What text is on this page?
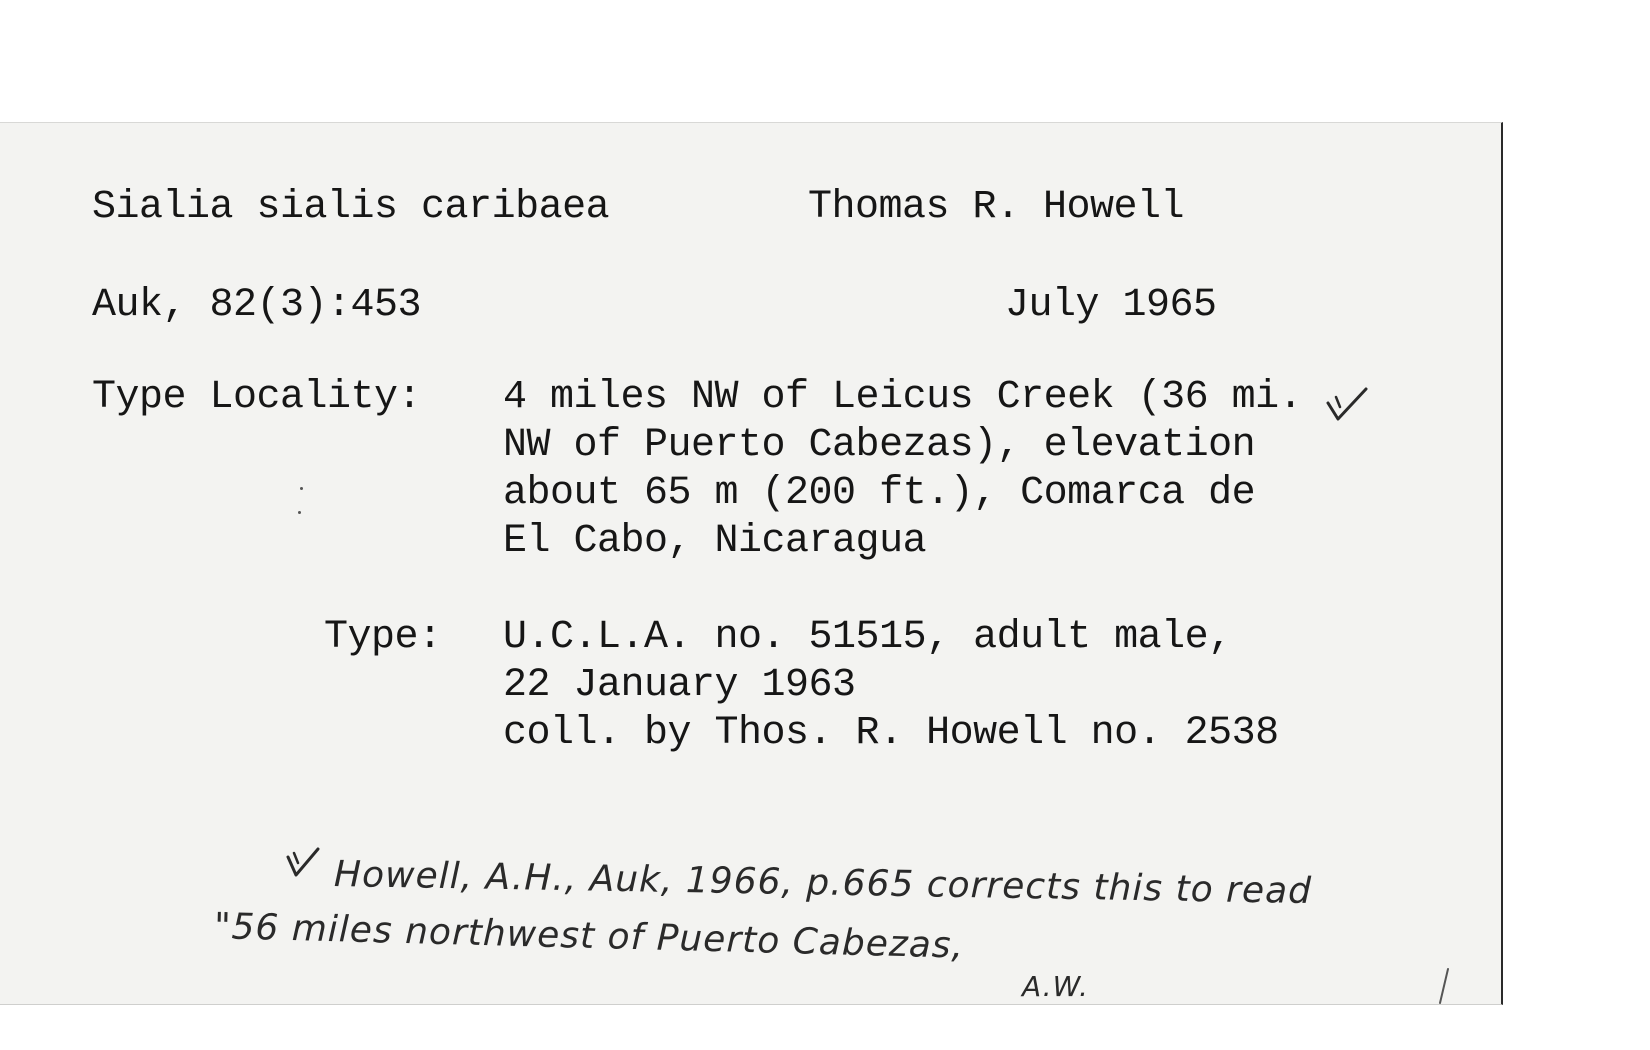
Sialia sialis caribaea	Thomas R. Howell
Auk, 82(3):453	July 1965
Type Locality: 4 miles NW of Leicus Creek (36 mi.
NW of Puerto Cabezas), elevation
about 65 m (200 ft.), Comarca de
El Cabo, Nicaragua
Type: U.C.L.A. no. 51515, adult male,
22 January 1963
coll. by Thos. R. Howell no. 2538
Howell, A.H., Auk, 1966, p.665 corrects this to read
"56 miles northwest of Puerto Cabezas,
A.W.
